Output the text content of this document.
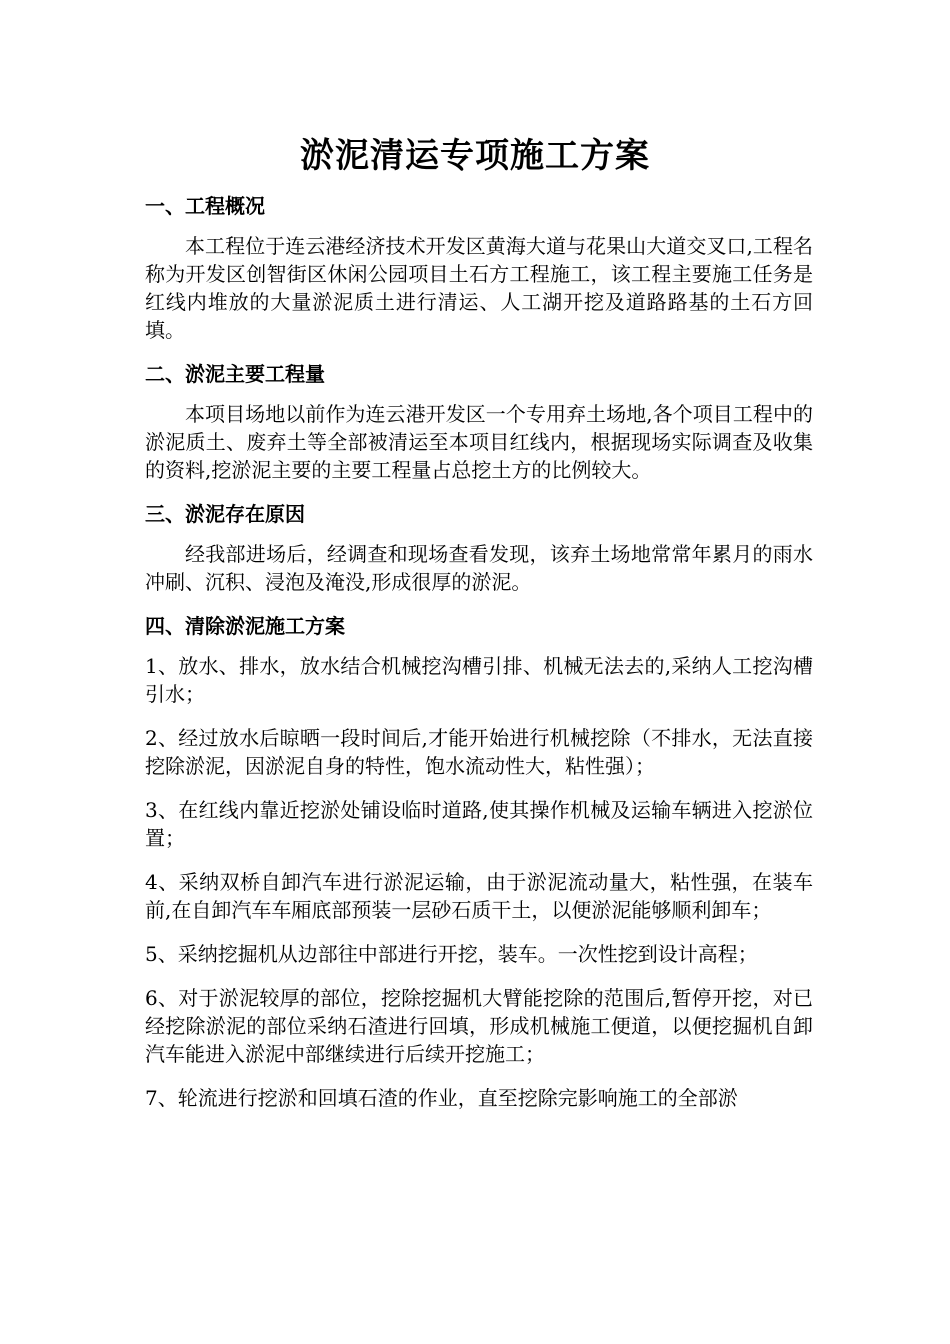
淤泥清运专项施工方案
一、工程概况

本工程位于连云港经济技术开发区黄海大道与花果山大道交叉口,工程名称为开发区创智街区休闲公园项目土石方工程施工，该工程主要施工任务是红线内堆放的大量淤泥质土进行清运、人工湖开挖及道路路基的土石方回填。

二、淤泥主要工程量

本项目场地以前作为连云港开发区一个专用弃土场地,各个项目工程中的淤泥质土、废弃土等全部被清运至本项目红线内，根据现场实际调查及收集的资料,挖淤泥主要的主要工程量占总挖土方的比例较大。

三、淤泥存在原因

经我部进场后，经调查和现场查看发现，该弃土场地常常年累月的雨水冲刷、沉积、浸泡及淹没,形成很厚的淤泥。

四、清除淤泥施工方案

1、放水、排水，放水结合机械挖沟槽引排、机械无法去的,采纳人工挖沟槽引水；

2、经过放水后晾晒一段时间后,才能开始进行机械挖除（不排水，无法直接挖除淤泥，因淤泥自身的特性，饱水流动性大，粘性强）；

3、在红线内靠近挖淤处铺设临时道路,使其操作机械及运输车辆进入挖淤位置；

4、采纳双桥自卸汽车进行淤泥运输，由于淤泥流动量大，粘性强，在装车前,在自卸汽车车厢底部预装一层砂石质干土，以便淤泥能够顺利卸车；

5、采纳挖掘机从边部往中部进行开挖，装车。一次性挖到设计高程；

6、对于淤泥较厚的部位，挖除挖掘机大臂能挖除的范围后,暂停开挖，对已经挖除淤泥的部位采纳石渣进行回填，形成机械施工便道，以便挖掘机自卸汽车能进入淤泥中部继续进行后续开挖施工；

7、轮流进行挖淤和回填石渣的作业，直至挖除完影响施工的全部淤
